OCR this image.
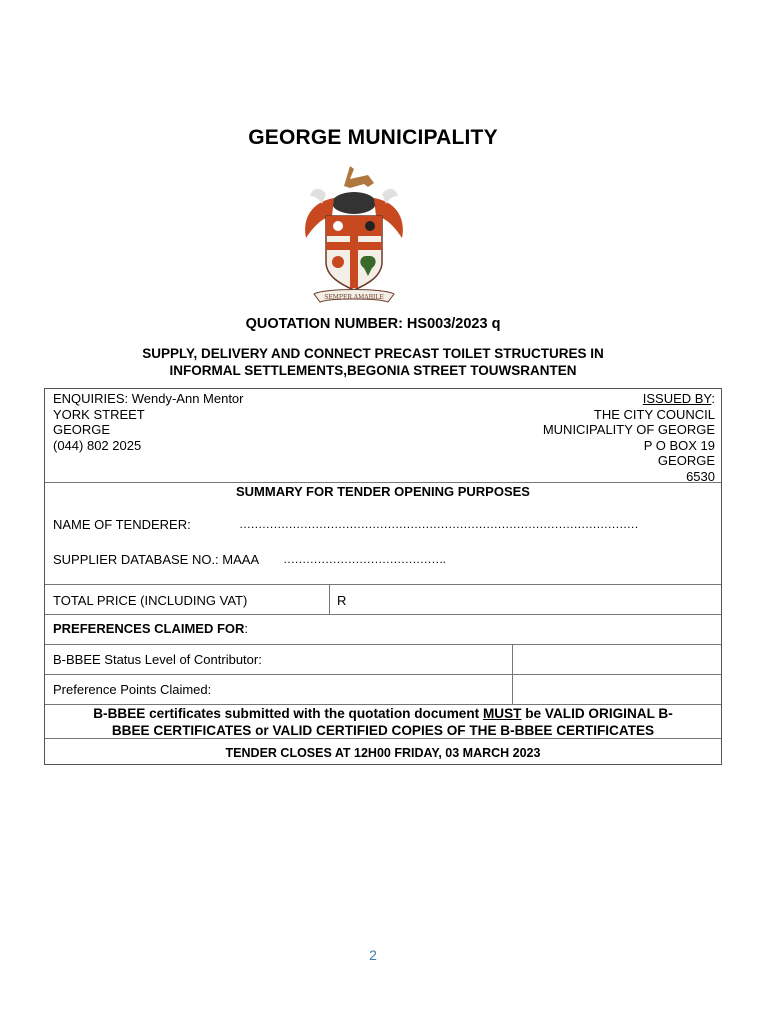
GEORGE MUNICIPALITY
SEMPER AMABILE
QUOTATION NUMBER: HS003/2023 q
SUPPLY, DELIVERY AND CONNECT PRECAST TOILET STRUCTURES IN
INFORMAL SETTLEMENTS,BEGONIA STREET TOUWSRANTEN
ENQUIRIES: Wendy-Ann Mentor
YORK STREET
GEORGE
(044) 802 2025
ISSUED BY:
THE CITY COUNCIL
MUNICIPALITY OF GEORGE
P O BOX 19
GEORGE
6530
SUMMARY FOR TENDER OPENING PURPOSES
NAME OF TENDERER:	……………………………………………………………………………………………
SUPPLIER DATABASE NO.: MAAA …………………………………….
TOTAL PRICE (INCLUDING VAT)	R
PREFERENCES CLAIMED FOR:
B-BBEE Status Level of Contributor:
Preference Points Claimed:
B-BBEE certificates submitted with the quotation document MUST be VALID ORIGINAL B-
BBEE CERTIFICATES or VALID CERTIFIED COPIES OF THE B-BBEE CERTIFICATES
TENDER CLOSES AT 12H00 FRIDAY, 03 MARCH 2023
2
